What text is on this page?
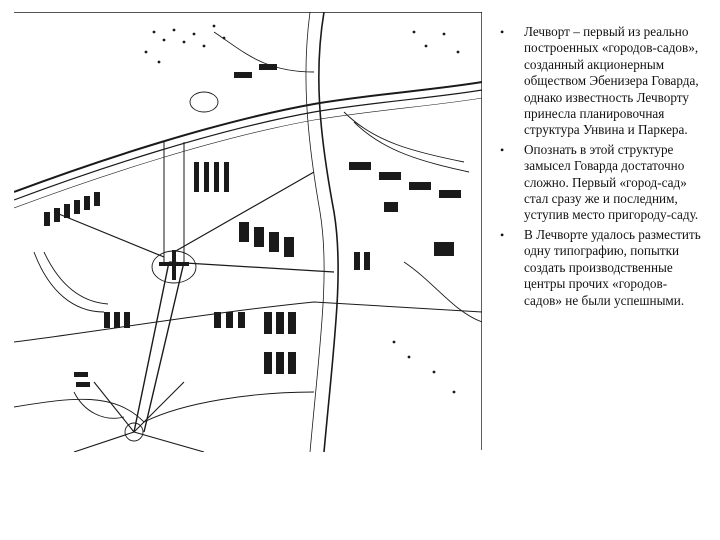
• Лечворт – первый из реально построенных «городов-садов», созданный акционерным обществом Эбенизера Говарда, однако известность Лечворту принесла планировочная структура Унвина и Паркера.
• Опознать в этой структуре замысел Говарда достаточно сложно. Первый «город-сад» стал сразу же и последним, уступив место пригороду-саду.
• В Лечворте удалось разместить одну типографию, попытки создать производственные центры прочих «городов-садов» не были успешными.
